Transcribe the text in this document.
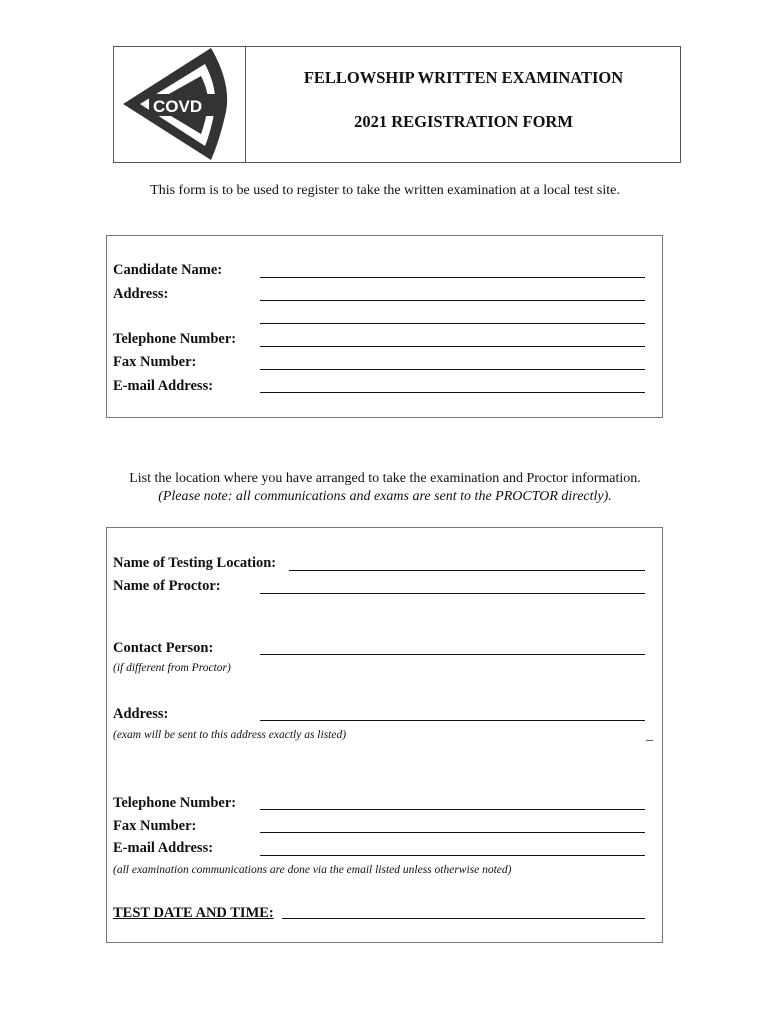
COVD
FELLOWSHIP WRITTEN EXAMINATION
2021 REGISTRATION FORM
This form is to be used to register to take the written examination at a local test site.
Candidate Name:
Address:
Telephone Number:
Fax Number:
E-mail Address:
List the location where you have arranged to take the examination and Proctor information. (Please note: all communications and exams are sent to the PROCTOR directly).
Name of Testing Location:
Name of Proctor:
Contact Person:
(if different from Proctor)
Address:
(exam will be sent to this address exactly as listed)	_
Telephone Number:
Fax Number:
E-mail Address:
(all examination communications are done via the email listed unless otherwise noted)
TEST DATE AND TIME:
